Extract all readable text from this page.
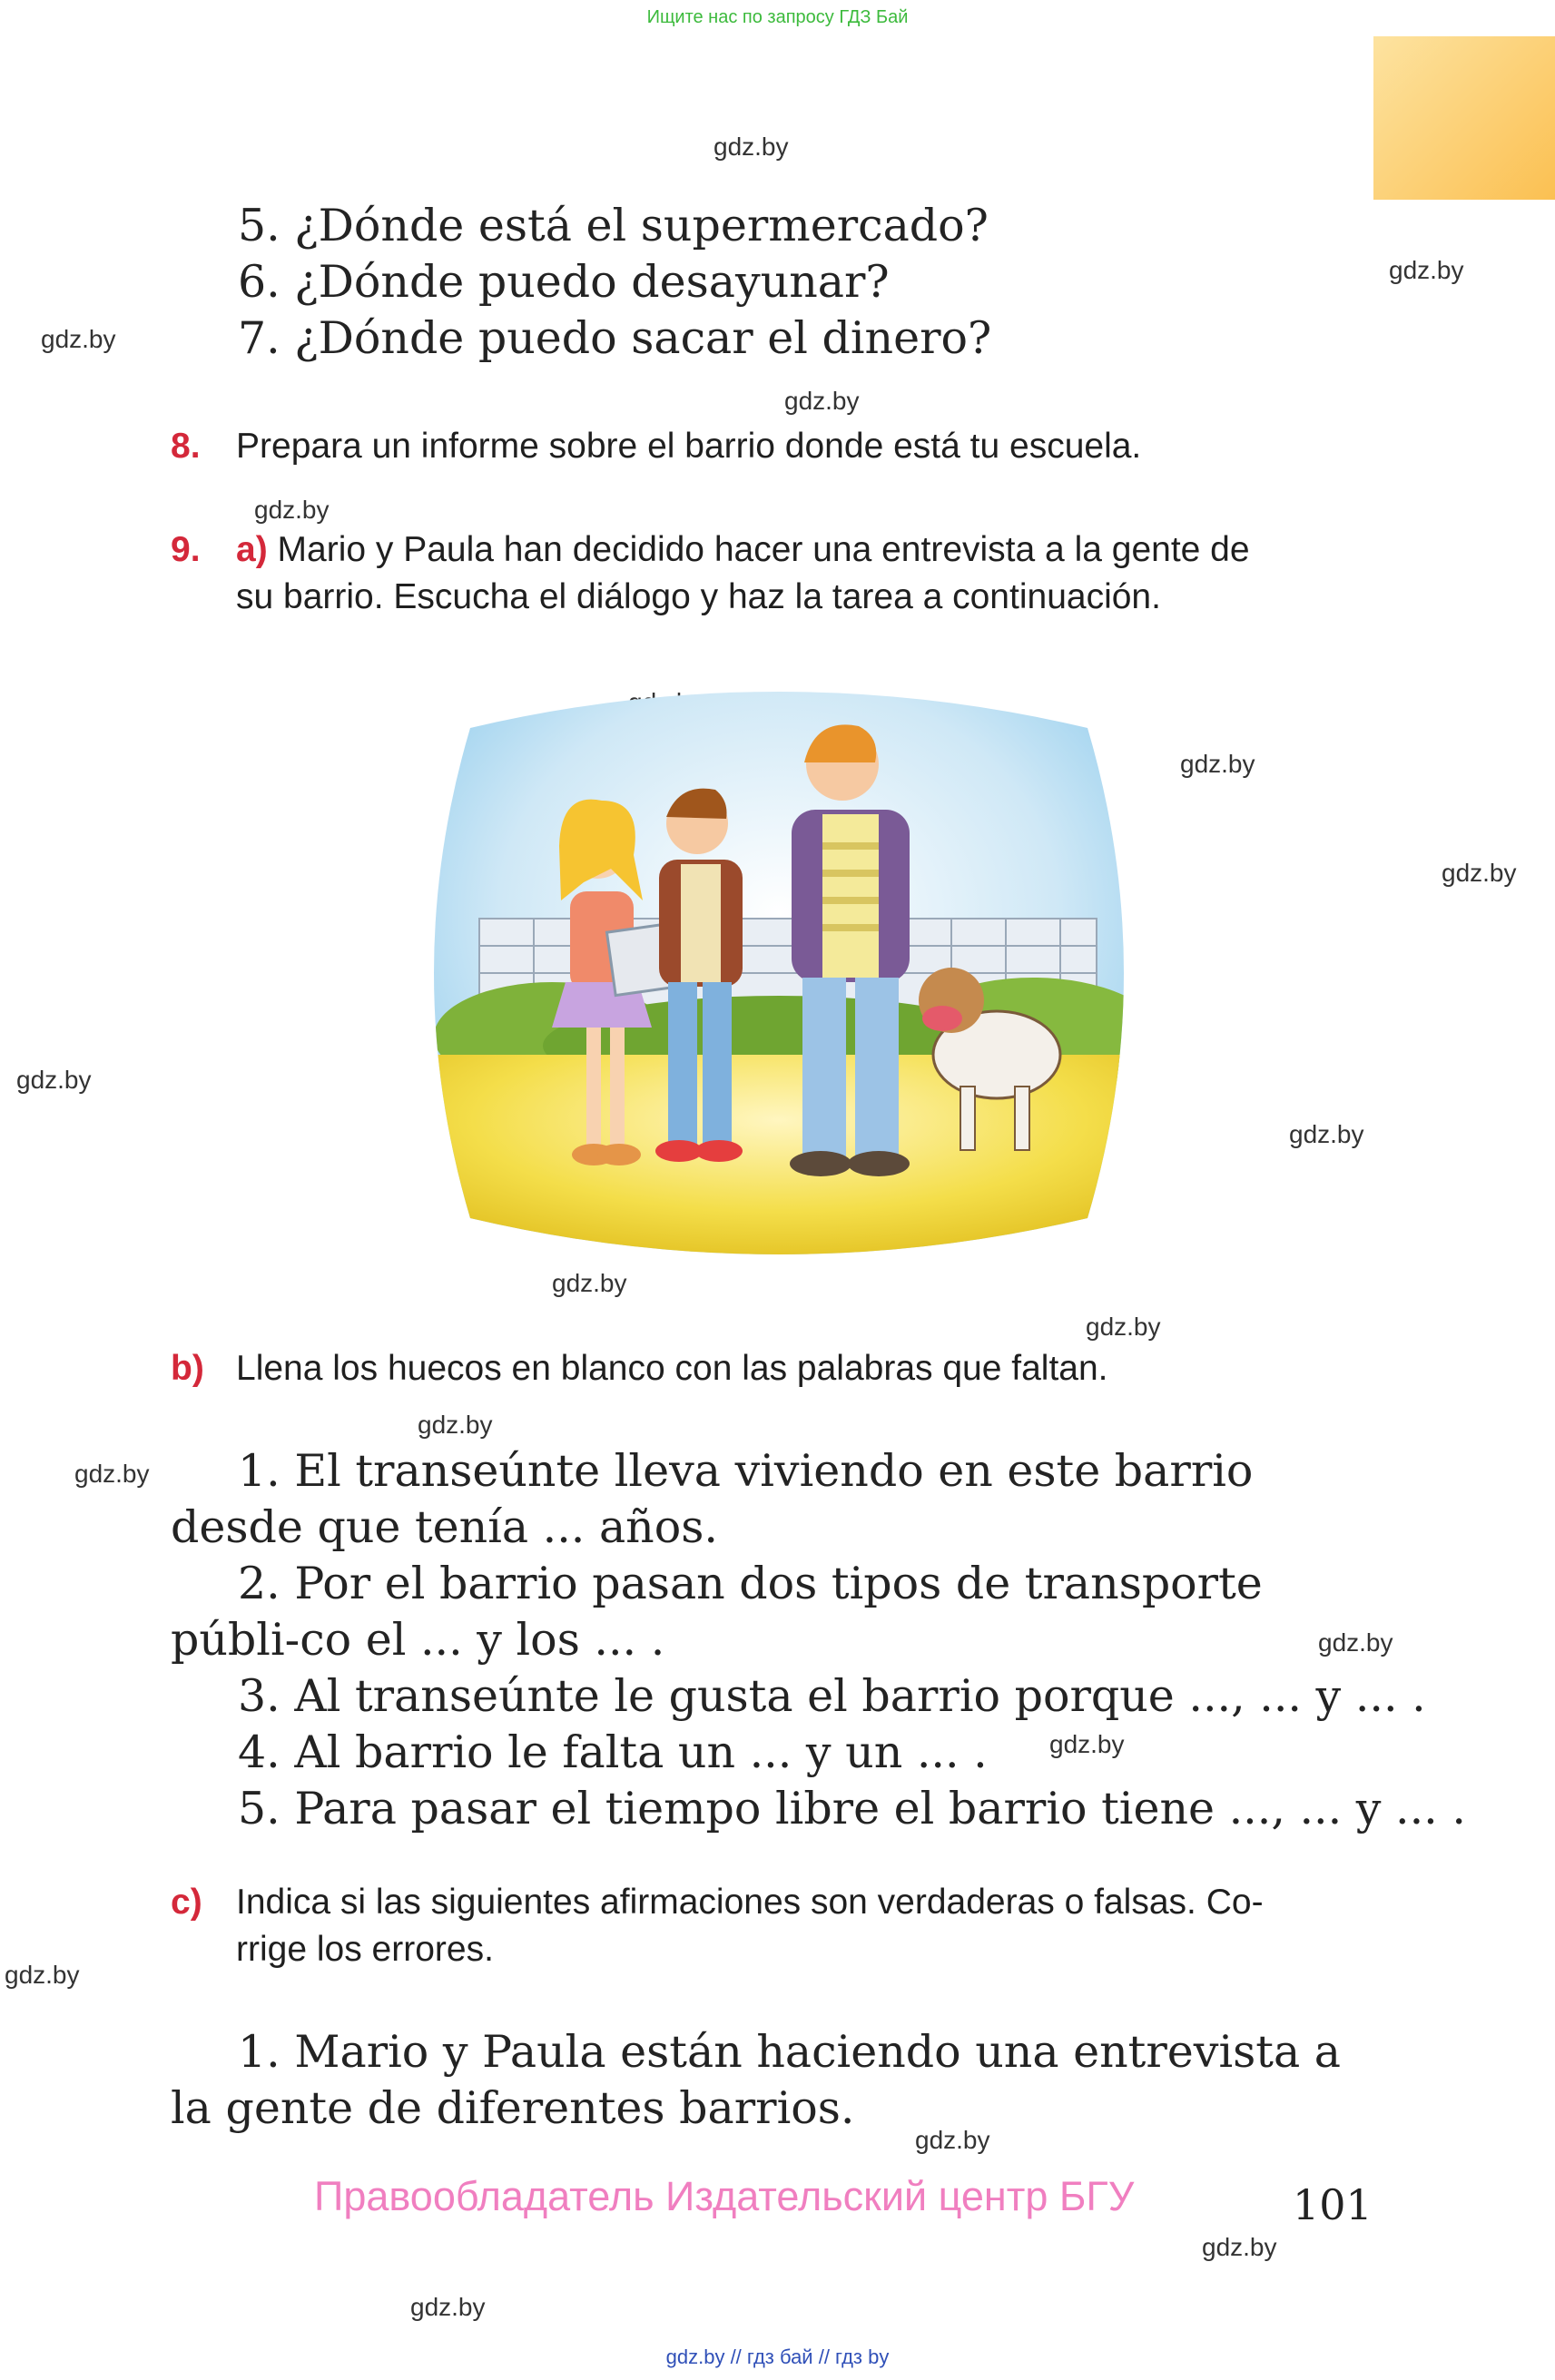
Ищите нас по запросу ГДЗ Бай
gdz.by
gdz.by
gdz.by
gdz.by
gdz.by
gdz.by
gdz.by
gdz.by
gdz.by
gdz.by
gdz.by
gdz.by
gdz.by
gdz.by
gdz.by
gdz.by
gdz.by
gdz.by
gdz.by
5. ¿Dónde está el supermercado?
6. ¿Dónde puedo desayunar?
7. ¿Dónde puedo sacar el dinero?
8. Prepara un informe sobre el barrio donde está tu escuela.
9. a) Mario y Paula han decidido hacer una entrevista a la gente de
su barrio. Escucha el diálogo y haz la tarea a continuación.
b) Llena los huecos en blanco con las palabras que faltan.
1. El transeúnte lleva viviendo en este barrio desde que tenía ... años.
2. Por el barrio pasan dos tipos de transporte públi-co el ... y los ... .
3. Al transeúnte le gusta el barrio porque ..., ... y ... .
4. Al barrio le falta un ... y un ... .
5. Para pasar el tiempo libre el barrio tiene ..., ... y ... .
c) Indica si las siguientes afirmaciones son verdaderas o falsas. Co-
rrige los errores.
1. Mario y Paula están haciendo una entrevista a la gente de diferentes barrios.
Правообладатель Издательский центр БГУ	101
gdz.by // гдз бай // гдз by
